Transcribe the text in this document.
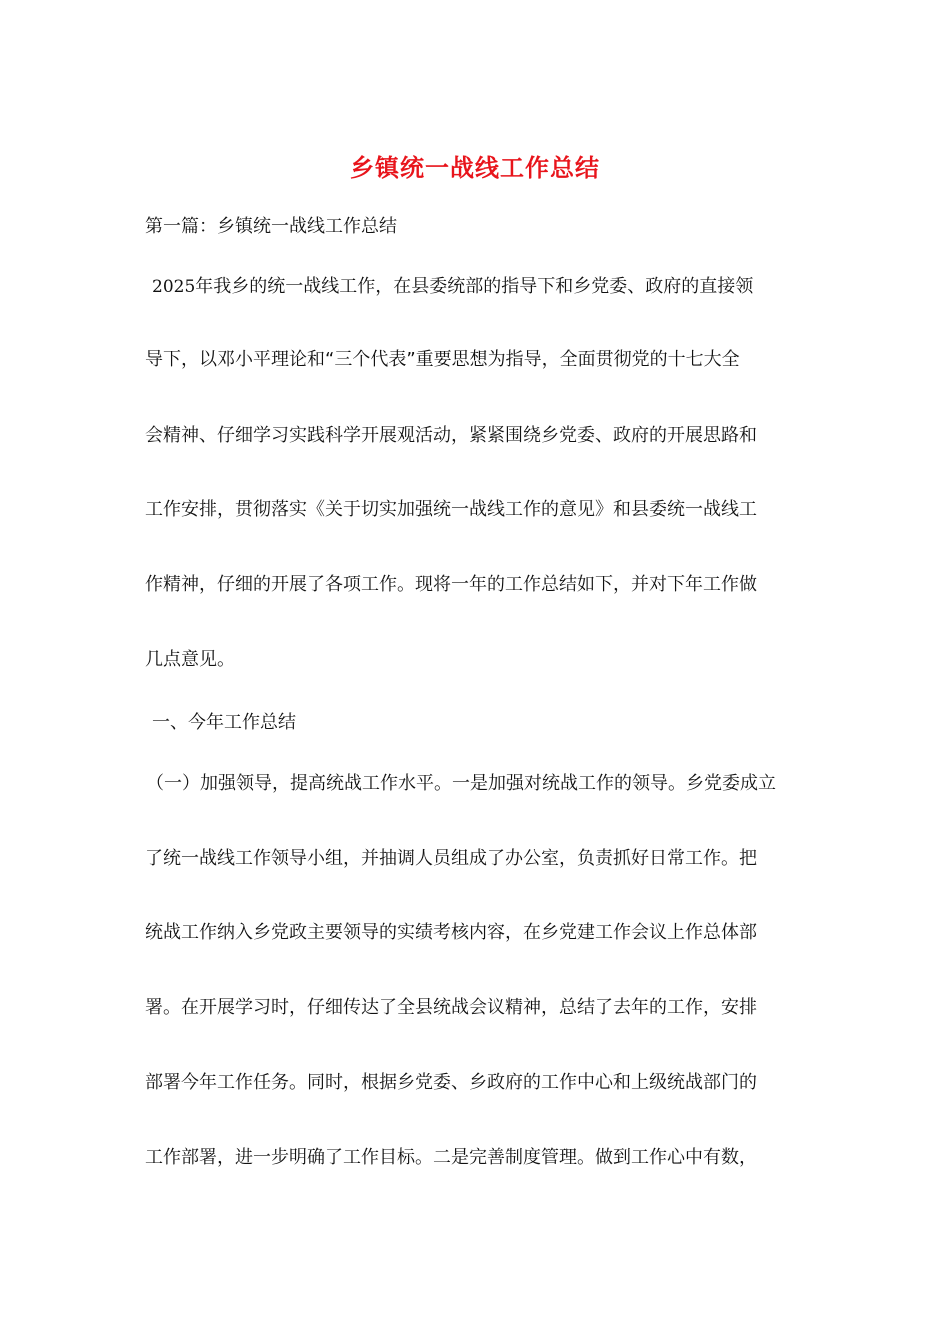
乡镇统一战线工作总结
第一篇：乡镇统一战线工作总结
2025年我乡的统一战线工作，在县委统部的指导下和乡党委、政府的直接领
导下，以邓小平理论和“三个代表”重要思想为指导，全面贯彻党的十七大全
会精神、仔细学习实践科学开展观活动，紧紧围绕乡党委、政府的开展思路和
工作安排，贯彻落实《关于切实加强统一战线工作的意见》和县委统一战线工
作精神，仔细的开展了各项工作。现将一年的工作总结如下，并对下年工作做
几点意见。
一、今年工作总结
（一）加强领导，提高统战工作水平。一是加强对统战工作的领导。乡党委成立
了统一战线工作领导小组，并抽调人员组成了办公室，负责抓好日常工作。把
统战工作纳入乡党政主要领导的实绩考核内容，在乡党建工作会议上作总体部
署。在开展学习时，仔细传达了全县统战会议精神，总结了去年的工作，安排
部署今年工作任务。同时，根据乡党委、乡政府的工作中心和上级统战部门的
工作部署，进一步明确了工作目标。二是完善制度管理。做到工作心中有数，
